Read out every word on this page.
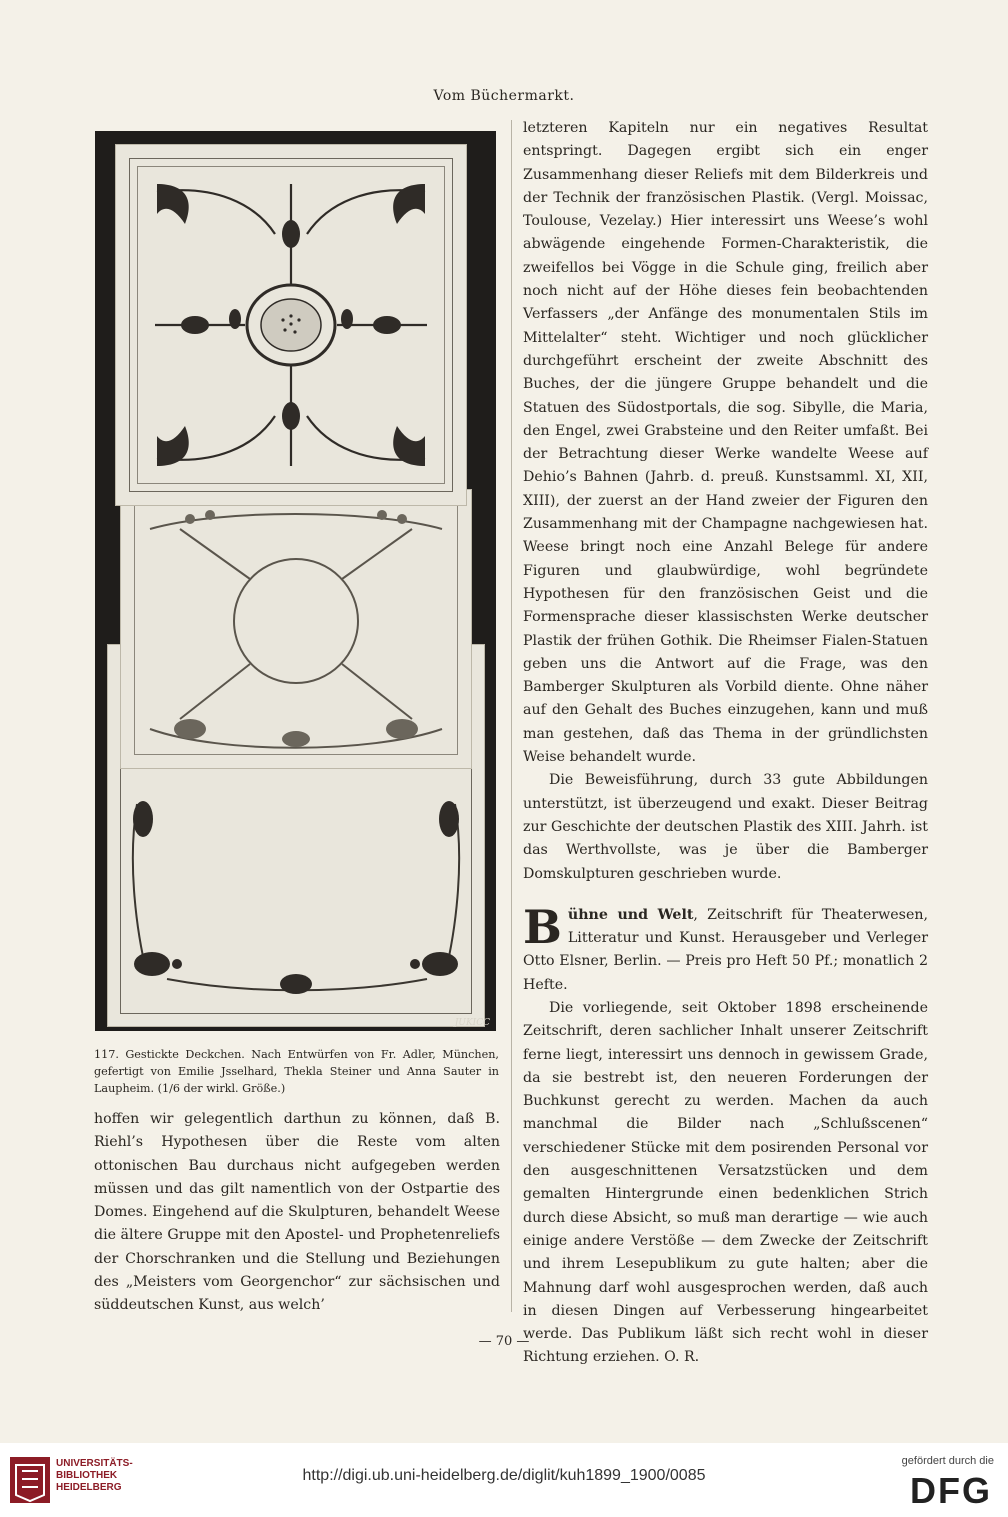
Vom Büchermarkt.
JUKICC

117. Gestickte Deckchen. Nach Entwürfen von Fr. Adler, München, gefertigt von Emilie Jsselhard, Thekla Steiner und Anna Sauter in Laupheim. (1/6 der wirkl. Größe.)

hoffen wir gelegentlich darthun zu können, daß B. Riehl’s Hypothesen über die Reste vom alten ottonischen Bau durchaus nicht aufgegeben werden müssen und das gilt namentlich von der Ostpartie des Domes. Eingehend auf die Skulpturen, behandelt Weese die ältere Gruppe mit den Apostel- und Prophetenreliefs der Chorschranken und die Stellung und Beziehungen des „Meisters vom Georgenchor“ zur sächsischen und süddeutschen Kunst, aus welch’

letzteren Kapiteln nur ein negatives Resultat entspringt. Dagegen ergibt sich ein enger Zusammenhang dieser Reliefs mit dem Bilderkreis und der Technik der französischen Plastik. (Vergl. Moissac, Toulouse, Vezelay.) Hier interessirt uns Weese’s wohl abwägende eingehende Formen-Charakteristik, die zweifellos bei Vögge in die Schule ging, freilich aber noch nicht auf der Höhe dieses fein beobachtenden Verfassers „der Anfänge des monumentalen Stils im Mittelalter“ steht. Wichtiger und noch glücklicher durchgeführt erscheint der zweite Abschnitt des Buches, der die jüngere Gruppe behandelt und die Statuen des Südostportals, die sog. Sibylle, die Maria, den Engel, zwei Grabsteine und den Reiter umfaßt. Bei der Betrachtung dieser Werke wandelte Weese auf Dehio’s Bahnen (Jahrb. d. preuß. Kunstsamml. XI, XII, XIII), der zuerst an der Hand zweier der Figuren den Zusammenhang mit der Champagne nachgewiesen hat. Weese bringt noch eine Anzahl Belege für andere Figuren und glaubwürdige, wohl begründete Hypothesen für den französischen Geist und die Formensprache dieser klassischsten Werke deutscher Plastik der frühen Gothik. Die Rheimser Fialen-Statuen geben uns die Antwort auf die Frage, was den Bamberger Skulpturen als Vorbild diente. Ohne näher auf den Gehalt des Buches einzugehen, kann und muß man gestehen, daß das Thema in der gründlichsten Weise behandelt wurde.

Die Beweisführung, durch 33 gute Abbildungen unterstützt, ist überzeugend und exakt. Dieser Beitrag zur Geschichte der deutschen Plastik des XIII. Jahrh. ist das Werthvollste, was je über die Bamberger Domskulpturen geschrieben wurde.

Bühne und Welt, Zeitschrift für Theaterwesen, Litteratur und Kunst. Herausgeber und Verleger Otto Elsner, Berlin. — Preis pro Heft 50 Pf.; monatlich 2 Hefte.

Die vorliegende, seit Oktober 1898 erscheinende Zeitschrift, deren sachlicher Inhalt unserer Zeitschrift ferne liegt, interessirt uns dennoch in gewissem Grade, da sie bestrebt ist, den neueren Forderungen der Buchkunst gerecht zu werden. Machen da auch manchmal die Bilder nach „Schlußscenen“ verschiedener Stücke mit dem posirenden Personal vor den ausgeschnittenen Versatzstücken und dem gemalten Hintergrunde einen bedenklichen Strich durch diese Absicht, so muß man derartige — wie auch einige andere Verstöße — dem Zwecke der Zeitschrift und ihrem Lesepublikum zu gute halten; aber die Mahnung darf wohl ausgesprochen werden, daß auch in diesen Dingen auf Verbesserung hingearbeitet werde. Das Publikum läßt sich recht wohl in dieser Richtung erziehen. O. R.

— 70 —
UNIVERSITÄTS-
BIBLIOTHEK
HEIDELBERG
http://digi.ub.uni-heidelberg.de/diglit/kuh1899_1900/0085
gefördert durch die
DFG
